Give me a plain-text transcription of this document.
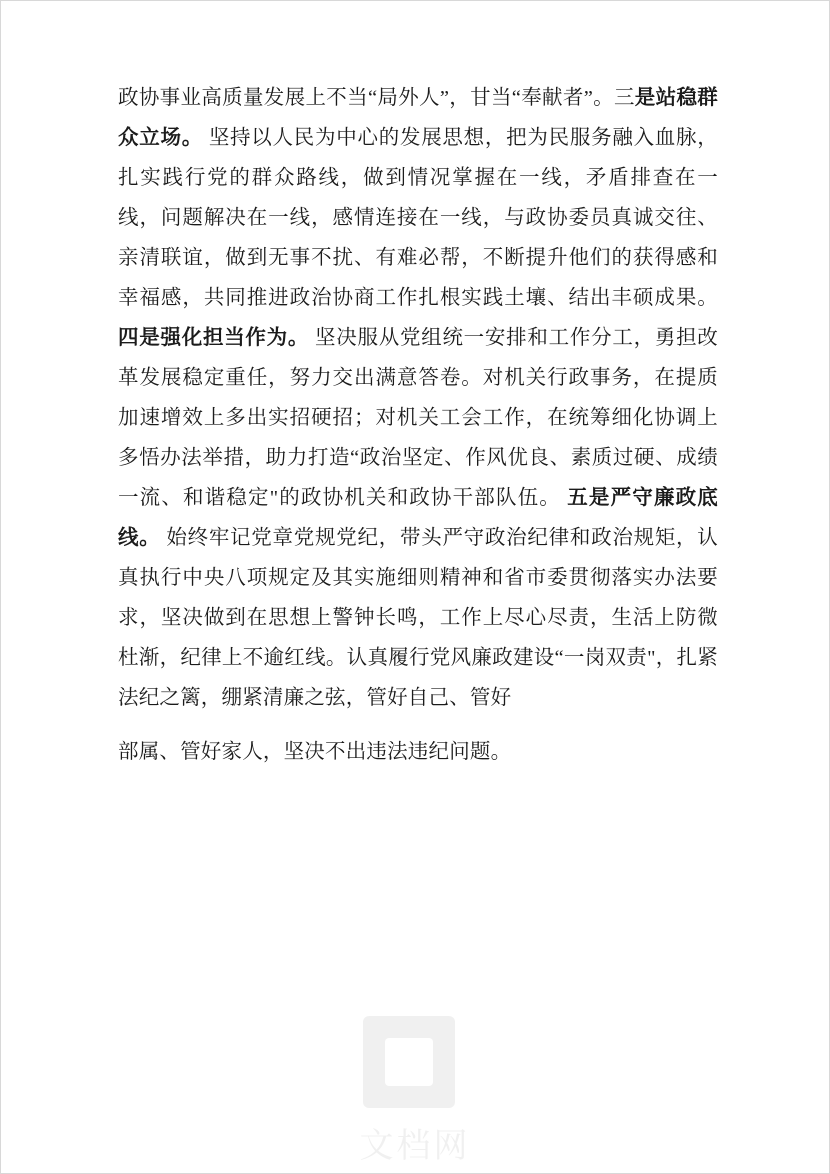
政协事业高质量发展上不当“局外人”，甘当“奉献者”。三是站稳群众立场。 坚持以人民为中心的发展思想，把为民服务融入血脉，扎实践行党的群众路线，做到情况掌握在一线，矛盾排查在一线，问题解决在一线，感情连接在一线，与政协委员真诚交往、亲清联谊，做到无事不扰、有难必帮，不断提升他们的获得感和幸福感，共同推进政治协商工作扎根实践土壤、结出丰硕成果。 四是强化担当作为。 坚决服从党组统一安排和工作分工，勇担改革发展稳定重任，努力交出满意答卷。对机关行政事务，在提质加速增效上多出实招硬招；对机关工会工作，在统筹细化协调上多悟办法举措，助力打造“政治坚定、作风优良、素质过硬、成绩一流、和谐稳定"的政协机关和政协干部队伍。 五是严守廉政底线。 始终牢记党章党规党纪，带头严守政治纪律和政治规矩，认真执行中央八项规定及其实施细则精神和省市委贯彻落实办法要求，坚决做到在思想上警钟长鸣，工作上尽心尽责，生活上防微杜渐，纪律上不逾红线。认真履行党风廉政建设“一岗双责"，扎紧法纪之篱，绷紧清廉之弦，管好自己、管好

部属、管好家人，坚决不出违法违纪问题。

文档网
